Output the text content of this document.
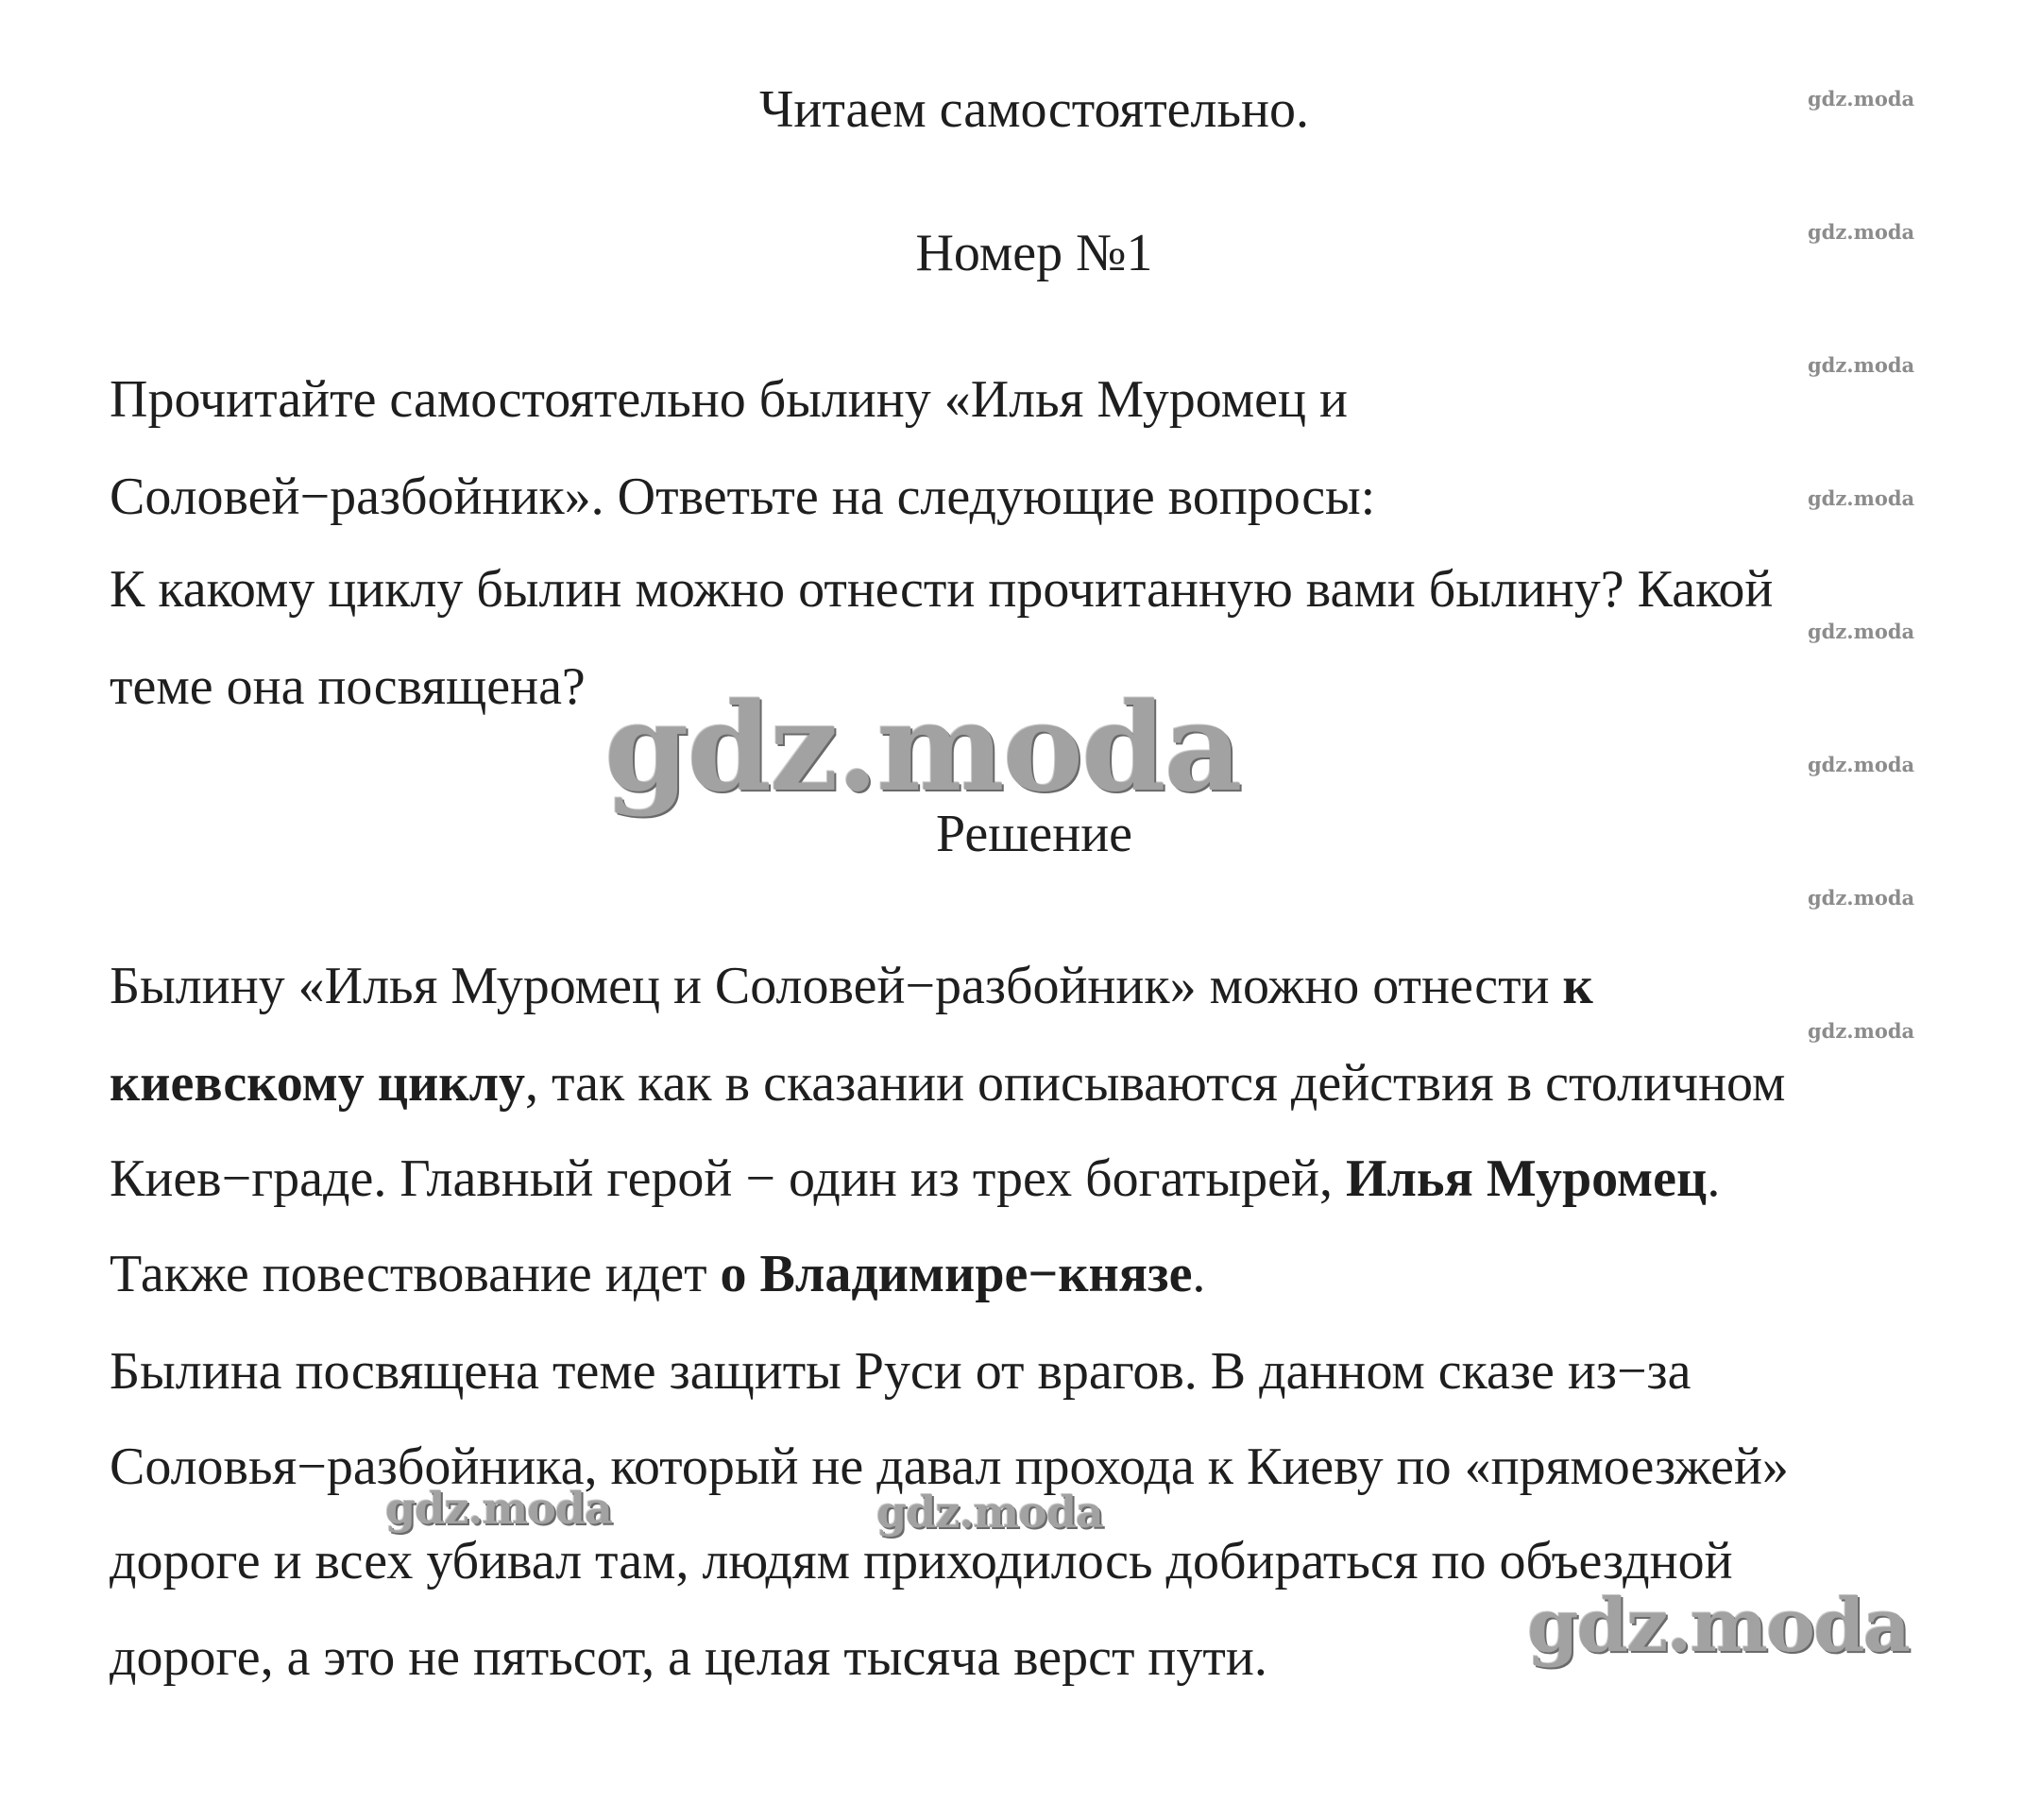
Читаем самостоятельно.
Номер №1
Прочитайте самостоятельно былину «Илья Муромец и
Соловей−разбойник». Ответьте на следующие вопросы:
К какому циклу былин можно отнести прочитанную вами былину? Какой
теме она посвящена?
Решение
Былину «Илья Муромец и Соловей−разбойник» можно отнести к
киевскому циклу, так как в сказании описываются действия в столичном
Киев−граде. Главный герой − один из трех богатырей, Илья Муромец.
Также повествование идет о Владимире−князе.
Былина посвящена теме защиты Руси от врагов. В данном сказе из−за
Соловья−разбойника, который не давал прохода к Киеву по «прямоезжей»
дороге и всех убивал там, людям приходилось добираться по объездной
дороге, а это не пятьсот, а целая тысяча верст пути.
gdz.moda
gdz.moda
gdz.moda
gdz.moda
gdz.moda
gdz.moda
gdz.moda
gdz.moda
gdz.moda
gdz.moda	gdz.moda
gdz.moda
